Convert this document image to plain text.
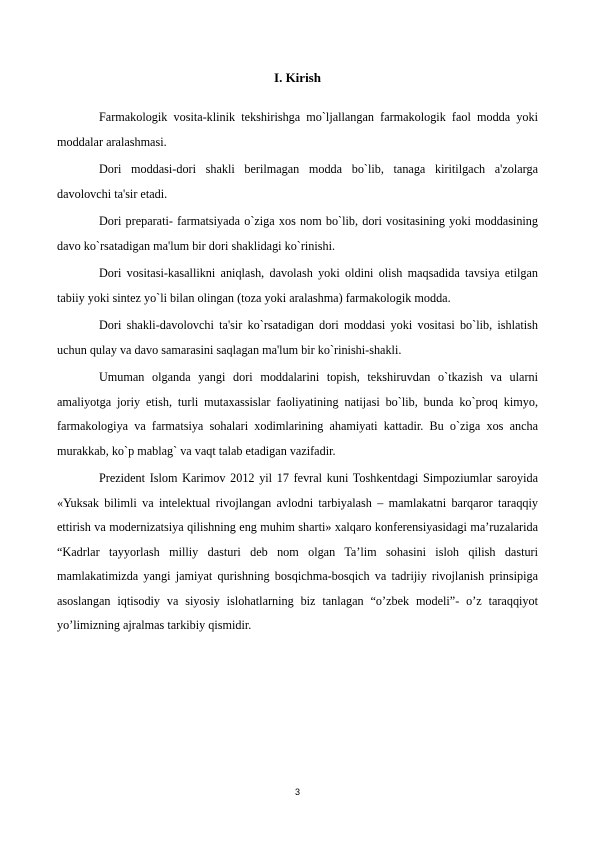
I. Kirish

Farmakologik vosita-klinik tekshirishga mo`ljallangan farmakologik faol modda yoki moddalar aralashmasi.

Dori moddasi-dori shakli berilmagan modda bo`lib, tanaga kiritilgach a'zolarga davolovchi ta'sir etadi.

Dori preparati- farmatsiyada o`ziga xos nom bo`lib, dori vositasining yoki moddasining davo ko`rsatadigan ma'lum bir dori shaklidagi ko`rinishi.

Dori vositasi-kasallikni aniqlash, davolash yoki oldini olish maqsadida tavsiya etilgan tabiiy yoki sintez yo`li bilan olingan (toza yoki aralashma) farmakologik modda.

Dori shakli-davolovchi ta'sir ko`rsatadigan dori moddasi yoki vositasi bo`lib, ishlatish uchun qulay va davo samarasini saqlagan ma'lum bir ko`rinishi-shakli.

Umuman olganda yangi dori moddalarini topish, tekshiruvdan o`tkazish va ularni amaliyotga joriy etish, turli mutaxassislar faoliyatining natijasi bo`lib, bunda ko`proq kimyo, farmakologiya va farmatsiya sohalari xodimlarining ahamiyati kattadir. Bu o`ziga xos ancha murakkab, ko`p mablag` va vaqt talab etadigan vazifadir.

Prezident Islom Karimov 2012 yil 17 fevral kuni Toshkentdagi Simpoziumlar saroyida «Yuksak bilimli va intelektual rivojlangan avlodni tarbiyalash – mamlakatni barqaror taraqqiy ettirish va modernizatsiya qilishning eng muhim sharti» xalqaro konferensiyasidagi ma’ruzalarida “Kadrlar tayyorlash milliy dasturi deb nom olgan Ta’lim sohasini isloh qilish dasturi mamlakatimizda yangi jamiyat qurishning bosqichma-bosqich va tadrijiy rivojlanish prinsipiga asoslangan iqtisodiy va siyosiy islohatlarning biz tanlagan “o’zbek modeli”- o’z taraqqiyot yo’limizning ajralmas tarkibiy qismidir.

3
